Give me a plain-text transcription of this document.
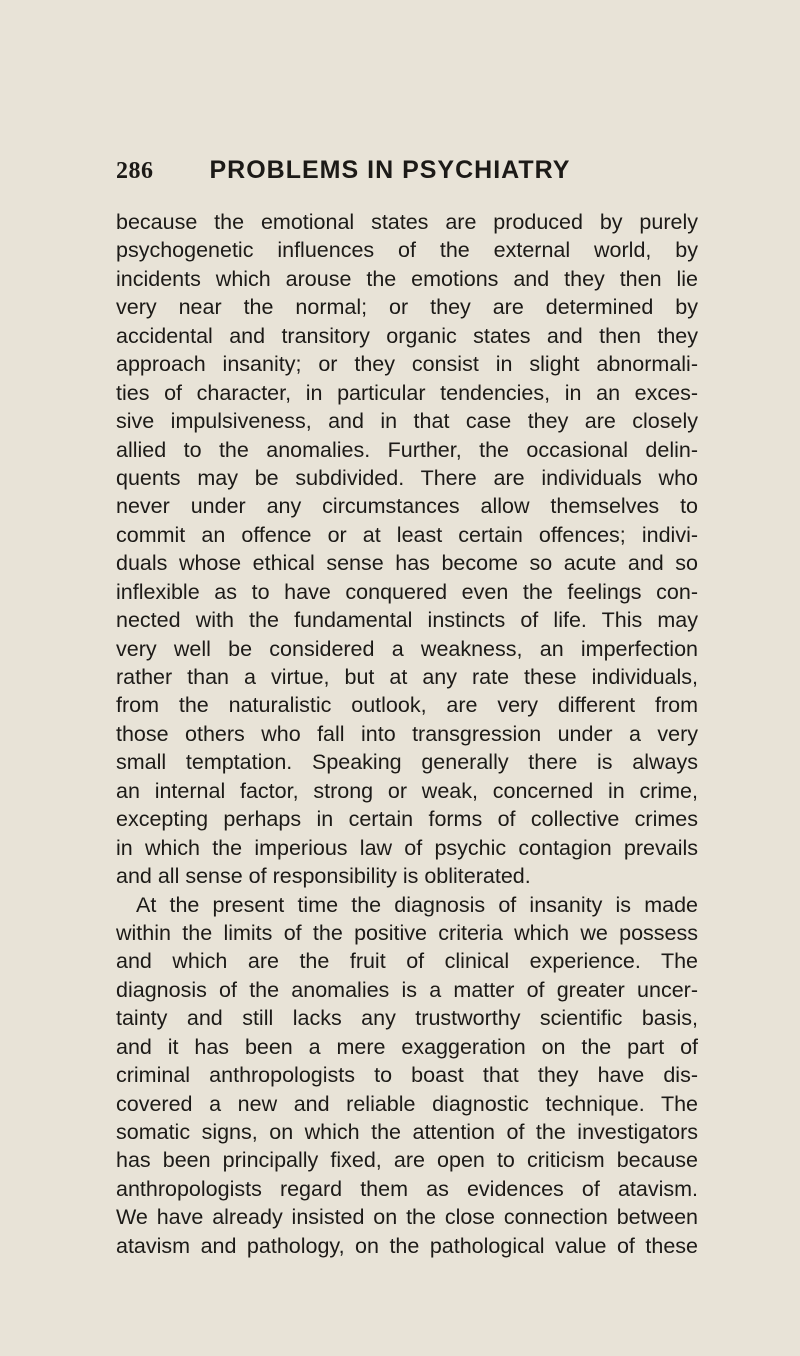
286 PROBLEMS IN PSYCHIATRY
because the emotional states are produced by purely
psychogenetic influences of the external world, by
incidents which arouse the emotions and they then lie
very near the normal; or they are determined by
accidental and transitory organic states and then they
approach insanity; or they consist in slight abnormali-
ties of character, in particular tendencies, in an exces-
sive impulsiveness, and in that case they are closely
allied to the anomalies. Further, the occasional delin-
quents may be subdivided. There are individuals who
never under any circumstances allow themselves to
commit an offence or at least certain offences; indivi-
duals whose ethical sense has become so acute and so
inflexible as to have conquered even the feelings con-
nected with the fundamental instincts of life. This may
very well be considered a weakness, an imperfection
rather than a virtue, but at any rate these individuals,
from the naturalistic outlook, are very different from
those others who fall into transgression under a very
small temptation. Speaking generally there is always
an internal factor, strong or weak, concerned in crime,
excepting perhaps in certain forms of collective crimes
in which the imperious law of psychic contagion prevails
and all sense of responsibility is obliterated.
At the present time the diagnosis of insanity is made
within the limits of the positive criteria which we possess
and which are the fruit of clinical experience. The
diagnosis of the anomalies is a matter of greater uncer-
tainty and still lacks any trustworthy scientific basis,
and it has been a mere exaggeration on the part of
criminal anthropologists to boast that they have dis-
covered a new and reliable diagnostic technique. The
somatic signs, on which the attention of the investigators
has been principally fixed, are open to criticism because
anthropologists regard them as evidences of atavism.
We have already insisted on the close connection between
atavism and pathology, on the pathological value of these
